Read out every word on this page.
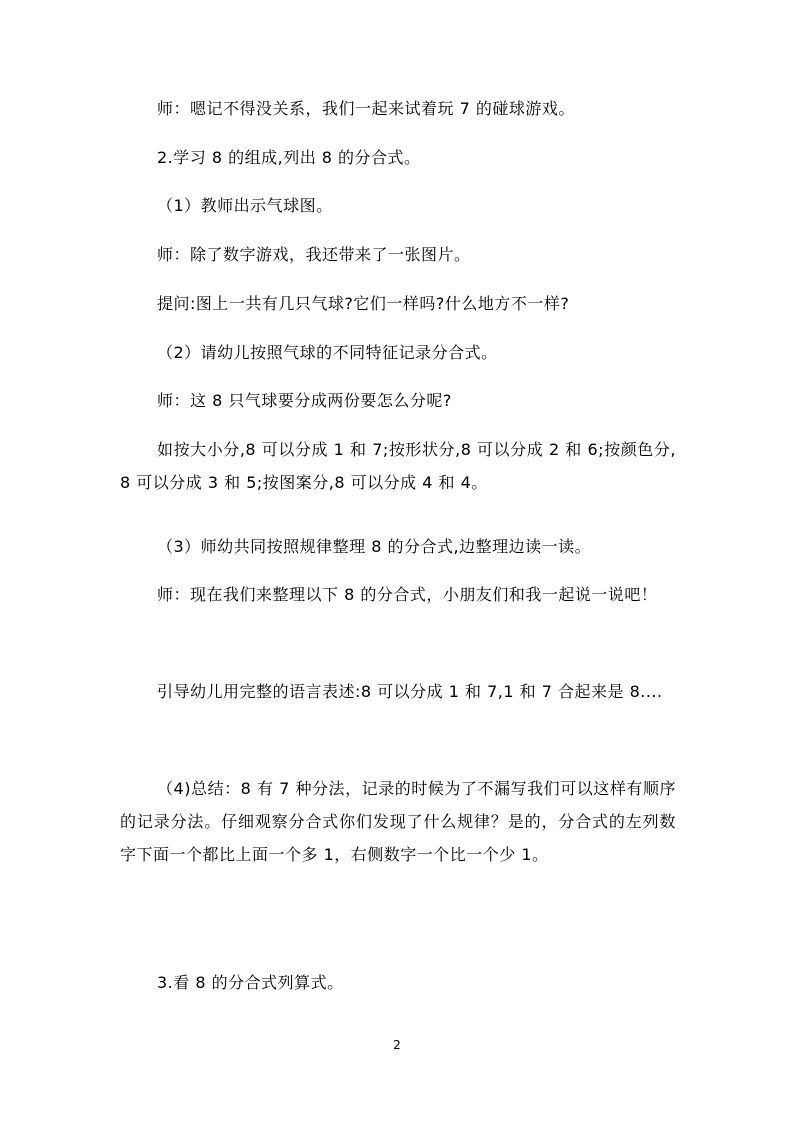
师：嗯记不得没关系，我们一起来试着玩 7 的碰球游戏。

2.学习 8 的组成,列出 8 的分合式。

（1）教师出示气球图。

师：除了数字游戏，我还带来了一张图片。

提问:图上一共有几只气球?它们一样吗?什么地方不一样?

（2）请幼儿按照气球的不同特征记录分合式。

师：这 8 只气球要分成两份要怎么分呢?

如按大小分,8 可以分成 1 和 7;按形状分,8 可以分成 2 和 6;按颜色分,8 可以分成 3 和 5;按图案分,8 可以分成 4 和 4。

（3）师幼共同按照规律整理 8 的分合式,边整理边读一读。

师：现在我们来整理以下 8 的分合式，小朋友们和我一起说一说吧！

引导幼儿用完整的语言表述:8 可以分成 1 和 7,1 和 7 合起来是 8....

（4)总结：8 有 7 种分法，记录的时候为了不漏写我们可以这样有顺序的记录分法。仔细观察分合式你们发现了什么规律？是的，分合式的左列数字下面一个都比上面一个多 1，右侧数字一个比一个少 1。

3.看 8 的分合式列算式。

2
